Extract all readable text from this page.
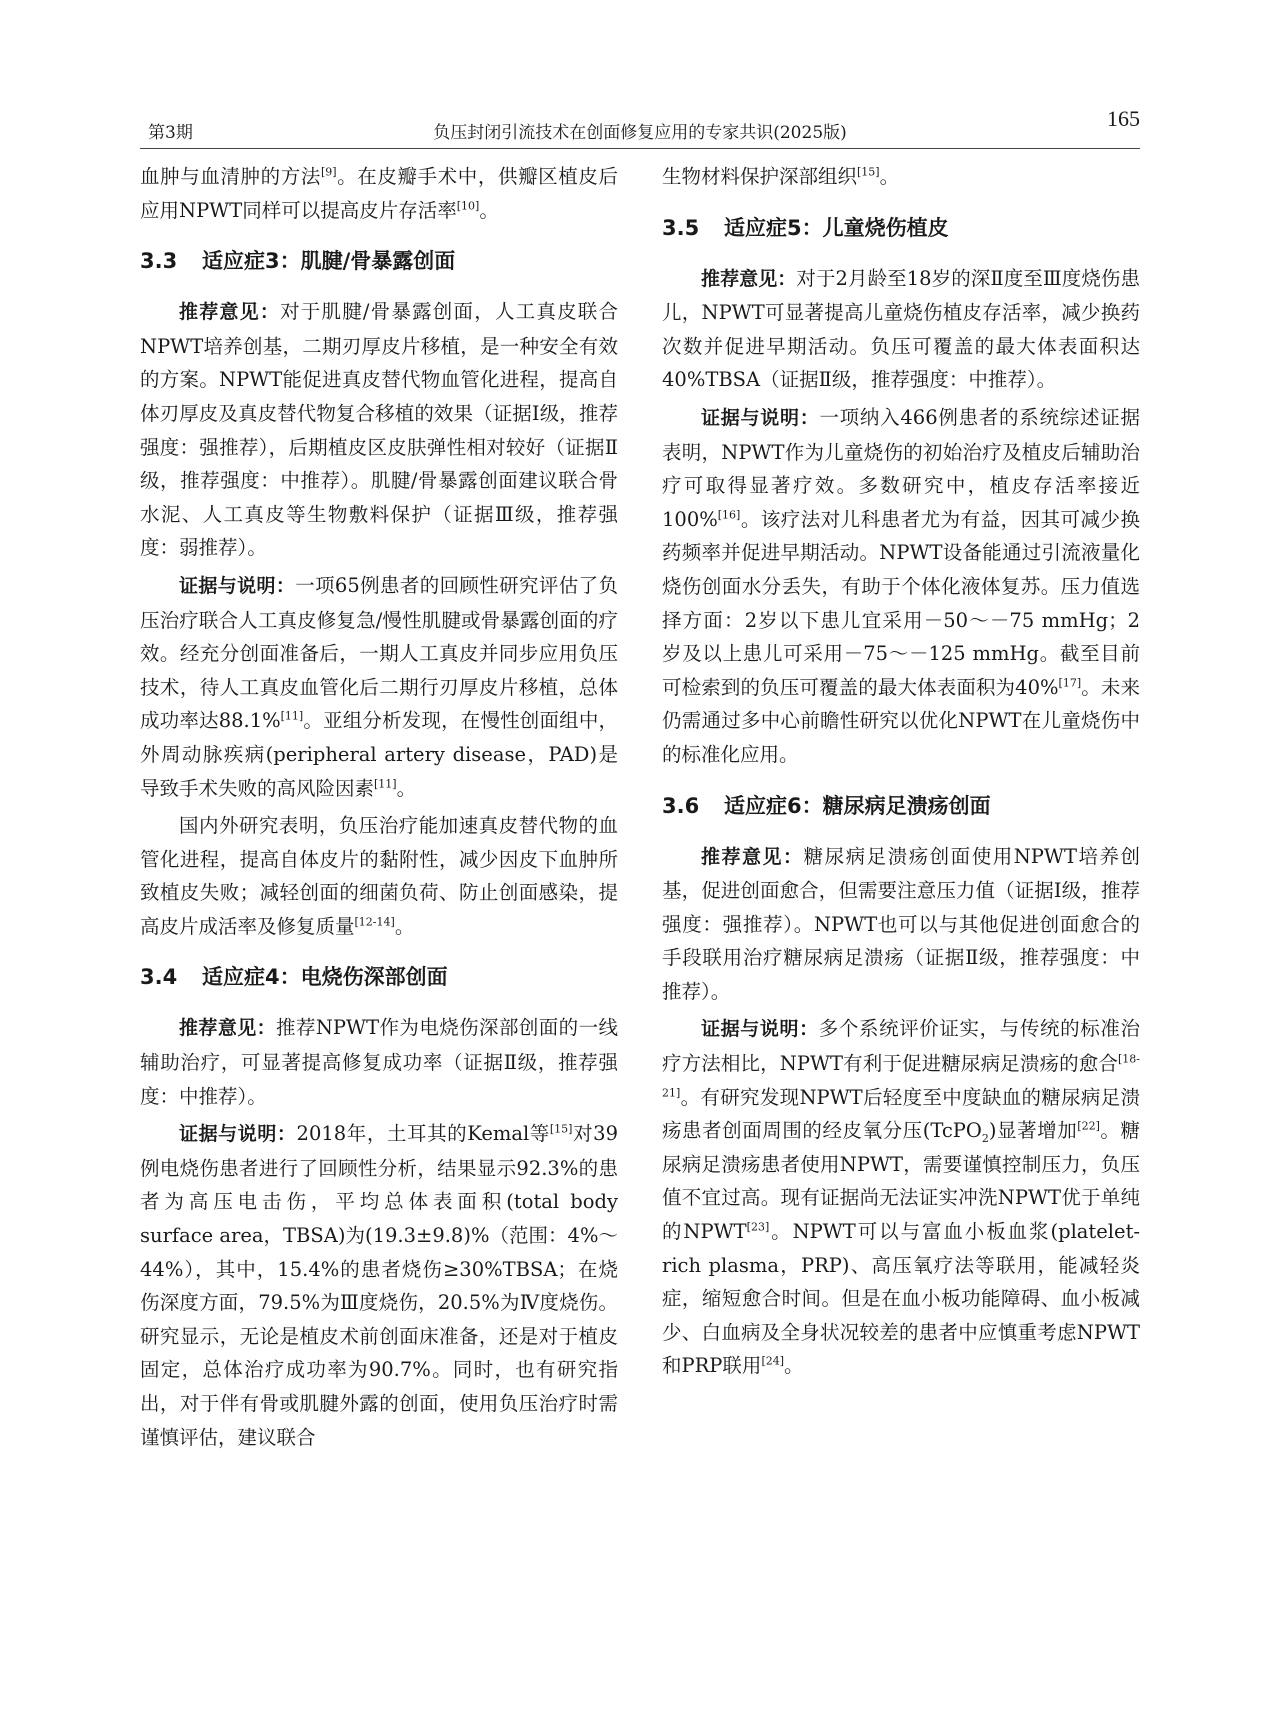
第3期	负压封闭引流技术在创面修复应用的专家共识(2025版)
165

血肿与血清肿的方法[9]。在皮瓣手术中，供瓣区植皮后应用NPWT同样可以提高皮片存活率[10]。

3.3 适应症3：肌腱/骨暴露创面

推荐意见：对于肌腱/骨暴露创面，人工真皮联合NPWT培养创基，二期刃厚皮片移植，是一种安全有效的方案。NPWT能促进真皮替代物血管化进程，提高自体刃厚皮及真皮替代物复合移植的效果（证据Ⅰ级，推荐强度：强推荐），后期植皮区皮肤弹性相对较好（证据Ⅱ级，推荐强度：中推荐）。肌腱/骨暴露创面建议联合骨水泥、人工真皮等生物敷料保护（证据Ⅲ级，推荐强度：弱推荐）。

证据与说明：一项65例患者的回顾性研究评估了负压治疗联合人工真皮修复急/慢性肌腱或骨暴露创面的疗效。经充分创面准备后，一期人工真皮并同步应用负压技术，待人工真皮血管化后二期行刃厚皮片移植，总体成功率达88.1%[11]。亚组分析发现，在慢性创面组中，外周动脉疾病(peripheral artery disease，PAD)是导致手术失败的高风险因素[11]。

国内外研究表明，负压治疗能加速真皮替代物的血管化进程，提高自体皮片的黏附性，减少因皮下血肿所致植皮失败；减轻创面的细菌负荷、防止创面感染，提高皮片成活率及修复质量[12-14]。

3.4 适应症4：电烧伤深部创面

推荐意见：推荐NPWT作为电烧伤深部创面的一线辅助治疗，可显著提高修复成功率（证据Ⅱ级，推荐强度：中推荐）。

证据与说明：2018年，土耳其的Kemal等[15]对39例电烧伤患者进行了回顾性分析，结果显示92.3%的患者为高压电击伤，平均总体表面积(total body surface area，TBSA)为(19.3±9.8)%（范围：4%～44%），其中，15.4%的患者烧伤≥30%TBSA；在烧伤深度方面，79.5%为Ⅲ度烧伤，20.5%为Ⅳ度烧伤。研究显示，无论是植皮术前创面床准备，还是对于植皮固定，总体治疗成功率为90.7%。同时，也有研究指出，对于伴有骨或肌腱外露的创面，使用负压治疗时需谨慎评估，建议联合

生物材料保护深部组织[15]。

3.5 适应症5：儿童烧伤植皮

推荐意见：对于2月龄至18岁的深Ⅱ度至Ⅲ度烧伤患儿，NPWT可显著提高儿童烧伤植皮存活率，减少换药次数并促进早期活动。负压可覆盖的最大体表面积达40%TBSA（证据Ⅱ级，推荐强度：中推荐）。

证据与说明：一项纳入466例患者的系统综述证据表明，NPWT作为儿童烧伤的初始治疗及植皮后辅助治疗可取得显著疗效。多数研究中，植皮存活率接近100%[16]。该疗法对儿科患者尤为有益，因其可减少换药频率并促进早期活动。NPWT设备能通过引流液量化烧伤创面水分丢失，有助于个体化液体复苏。压力值选择方面：2岁以下患儿宜采用－50～－75 mmHg；2岁及以上患儿可采用－75～－125 mmHg。截至目前可检索到的负压可覆盖的最大体表面积为40%[17]。未来仍需通过多中心前瞻性研究以优化NPWT在儿童烧伤中的标准化应用。

3.6 适应症6：糖尿病足溃疡创面

推荐意见：糖尿病足溃疡创面使用NPWT培养创基，促进创面愈合，但需要注意压力值（证据Ⅰ级，推荐强度：强推荐）。NPWT也可以与其他促进创面愈合的手段联用治疗糖尿病足溃疡（证据Ⅱ级，推荐强度：中推荐）。

证据与说明：多个系统评价证实，与传统的标准治疗方法相比，NPWT有利于促进糖尿病足溃疡的愈合[18-21]。有研究发现NPWT后轻度至中度缺血的糖尿病足溃疡患者创面周围的经皮氧分压(TcPO$_2$)显著增加[22]。糖尿病足溃疡患者使用NPWT，需要谨慎控制压力，负压值不宜过高。现有证据尚无法证实冲洗NPWT优于单纯的NPWT[23]。NPWT可以与富血小板血浆(platelet-rich plasma，PRP)、高压氧疗法等联用，能减轻炎症，缩短愈合时间。但是在血小板功能障碍、血小板减少、白血病及全身状况较差的患者中应慎重考虑NPWT和PRP联用[24]。
